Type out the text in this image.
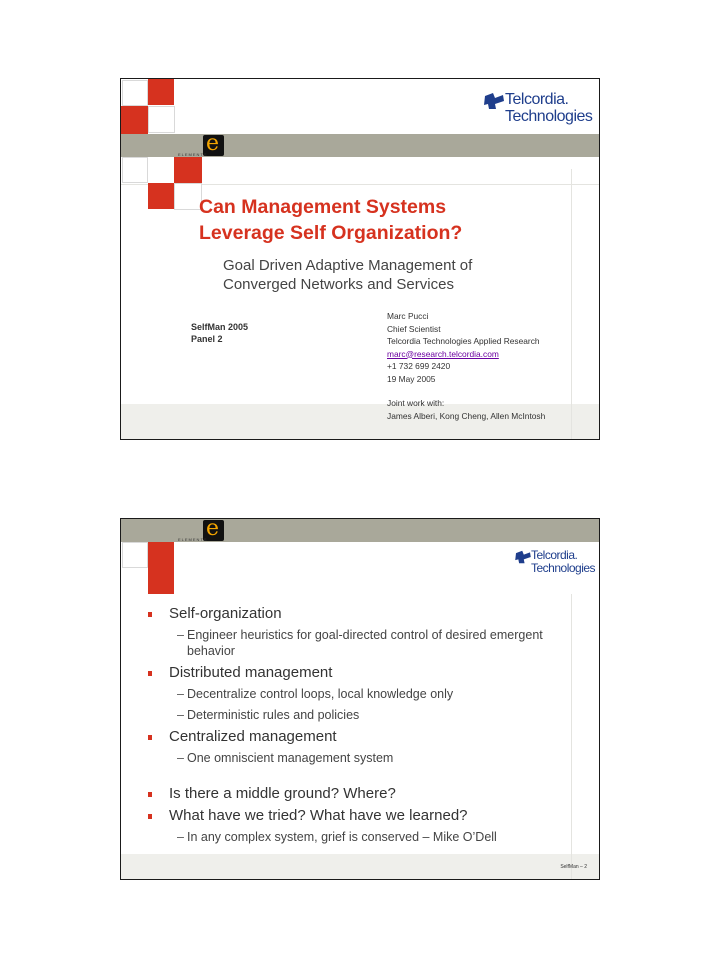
e
ELEMENTS
Telcordia.
Technologies
Can Management Systems
Leverage Self Organization?
Goal Driven Adaptive Management of
Converged Networks and Services
SelfMan 2005
Panel 2
Marc Pucci
Chief Scientist
Telcordia Technologies Applied Research
marc@research.telcordia.com
+1 732 699 2420
19 May 2005
Joint work with:
James Alberi, Kong Cheng, Allen McIntosh
e
ELEMENTS
Telcordia.
Technologies
Self-organization
– Engineer heuristics for goal-directed control of desired emergent behavior
Distributed management
– Decentralize control loops, local knowledge only
– Deterministic rules and policies
Centralized management
– One omniscient management system
Is there a middle ground? Where?
What have we tried? What have we learned?
– In any complex system, grief is conserved – Mike O’Dell
SelfMan – 2
